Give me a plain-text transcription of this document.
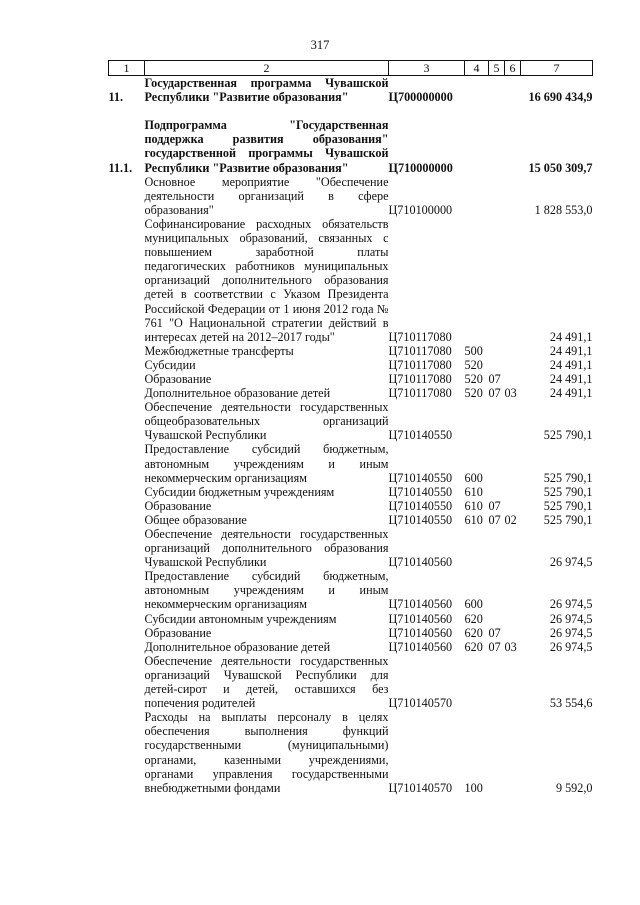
317
1	2	3	4	5	6	7
11.	Государственная программа Чувашской Республики "Развитие образования"	Ц700000000				16 690 434,9

11.1.	Подпрограмма "Государственная поддержка развития образования" государственной программы Чувашской Республики "Развитие образования"	Ц710000000				15 050 309,7
	Основное мероприятие "Обеспечение деятельности организаций в сфере образования"	Ц710100000				1 828 553,0
	Софинансирование расходных обязательств муниципальных образований, связанных с повышением заработной платы педагогических работников муниципальных организаций дополнительного образования детей в соответствии с Указом Президента Российской Федерации от 1 июня 2012 года № 761 "О Национальной стратегии действий в интересах детей на 2012–2017 годы"	Ц710117080				24 491,1
	Межбюджетные трансферты	Ц710117080	500			24 491,1
	Субсидии	Ц710117080	520			24 491,1
	Образование	Ц710117080	520	07		24 491,1
	Дополнительное образование детей	Ц710117080	520	07	03	24 491,1
	Обеспечение деятельности государственных общеобразовательных организаций Чувашской Республики	Ц710140550				525 790,1
	Предоставление субсидий бюджетным, автономным учреждениям и иным некоммерческим организациям	Ц710140550	600			525 790,1
	Субсидии бюджетным учреждениям	Ц710140550	610			525 790,1
	Образование	Ц710140550	610	07		525 790,1
	Общее образование	Ц710140550	610	07	02	525 790,1
	Обеспечение деятельности государственных организаций дополнительного образования Чувашской Республики	Ц710140560				26 974,5
	Предоставление субсидий бюджетным, автономным учреждениям и иным некоммерческим организациям	Ц710140560	600			26 974,5
	Субсидии автономным учреждениям	Ц710140560	620			26 974,5
	Образование	Ц710140560	620	07		26 974,5
	Дополнительное образование детей	Ц710140560	620	07	03	26 974,5
	Обеспечение деятельности государственных организаций Чувашской Республики для детей-сирот и детей, оставшихся без попечения родителей	Ц710140570				53 554,6
	Расходы на выплаты персоналу в целях обеспечения выполнения функций государственными (муниципальными) органами, казенными учреждениями, органами управления государственными внебюджетными фондами	Ц710140570	100			9 592,0
